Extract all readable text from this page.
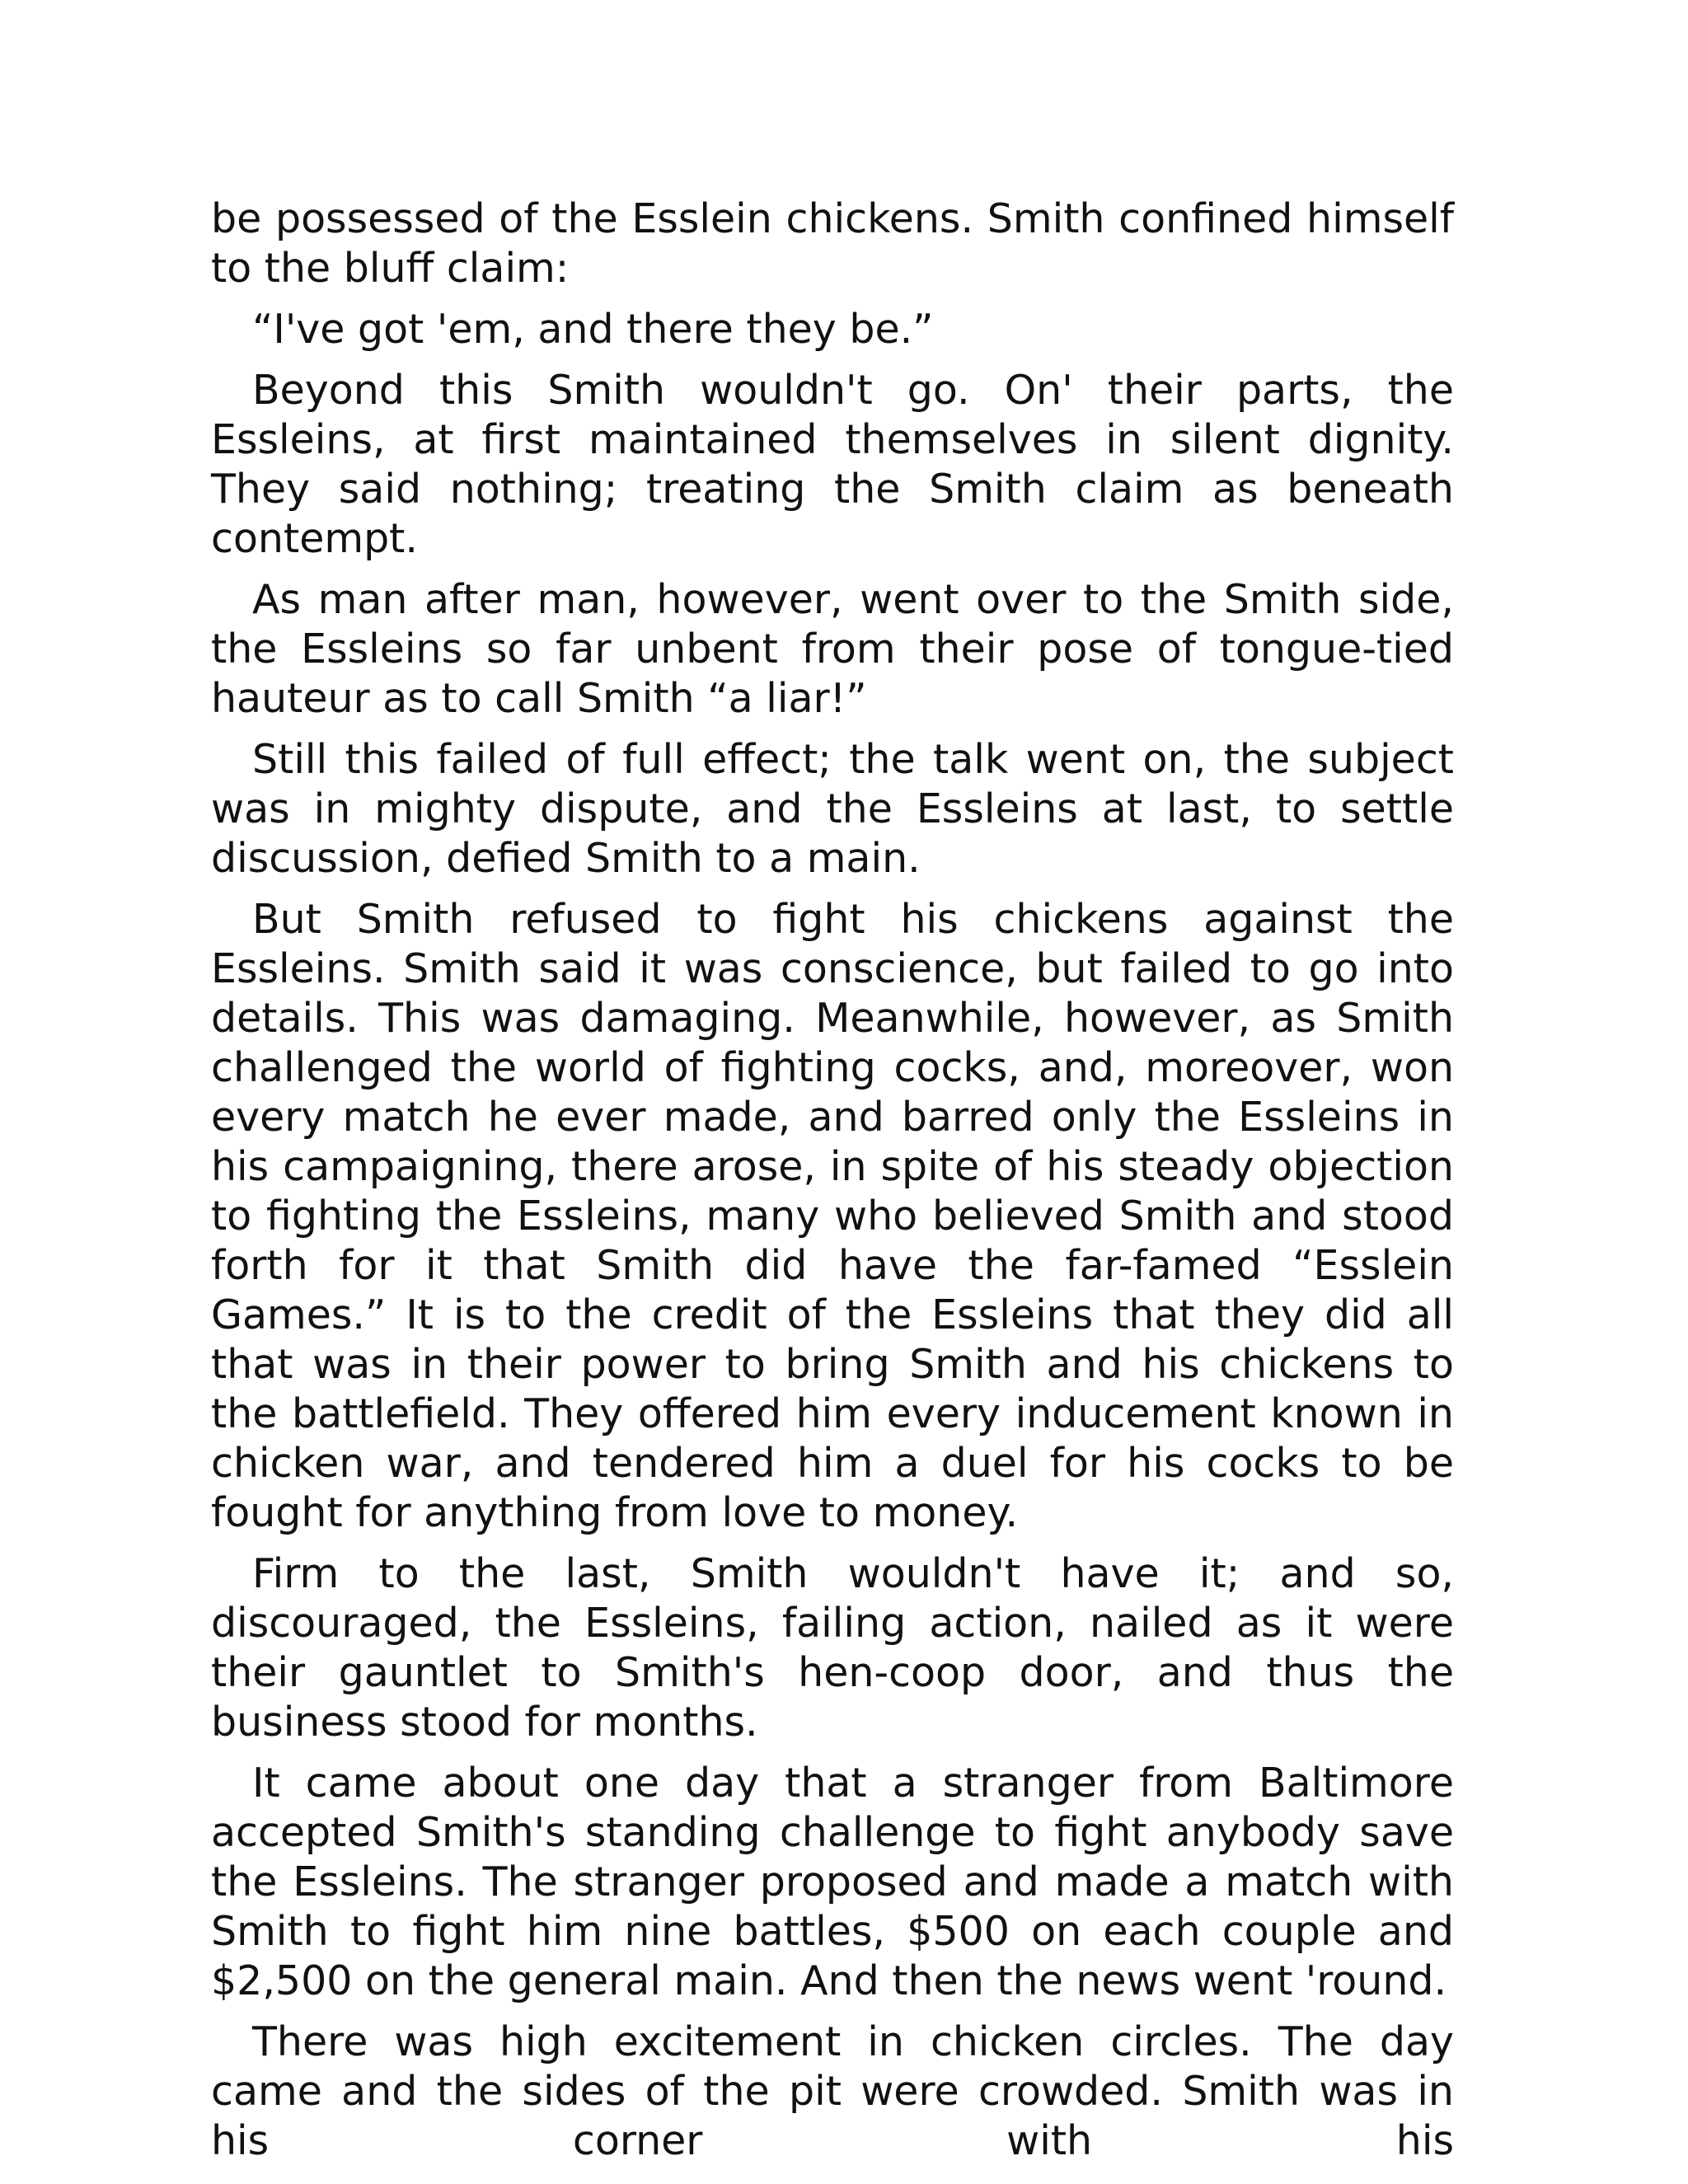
be possessed of the Esslein chickens. Smith confined himself to the bluff claim:

“I've got 'em, and there they be.”

Beyond this Smith wouldn't go. On' their parts, the Essleins, at first maintained themselves in silent dignity. They said nothing; treating the Smith claim as beneath contempt.

As man after man, however, went over to the Smith side, the Essleins so far unbent from their pose of tongue-tied hauteur as to call Smith “a liar!”

Still this failed of full effect; the talk went on, the subject was in mighty dispute, and the Essleins at last, to settle discussion, defied Smith to a main.

But Smith refused to fight his chickens against the Essleins. Smith said it was conscience, but failed to go into details. This was damaging. Meanwhile, however, as Smith challenged the world of fighting cocks, and, moreover, won every match he ever made, and barred only the Essleins in his campaigning, there arose, in spite of his steady objection to fighting the Essleins, many who believed Smith and stood forth for it that Smith did have the far-famed “Esslein Games.” It is to the credit of the Essleins that they did all that was in their power to bring Smith and his chickens to the battlefield. They offered him every inducement known in chicken war, and tendered him a duel for his cocks to be fought for anything from love to money.

Firm to the last, Smith wouldn't have it; and so, discouraged, the Essleins, failing action, nailed as it were their gauntlet to Smith's hen-coop door, and thus the business stood for months.

It came about one day that a stranger from Baltimore accepted Smith's standing challenge to fight anybody save the Essleins. The stranger proposed and made a match with Smith to fight him nine battles, $500 on each couple and $2,500 on the general main. And then the news went 'round.

There was high excitement in chicken circles. The day came and the sides of the pit were crowded. Smith was in his corner with his
